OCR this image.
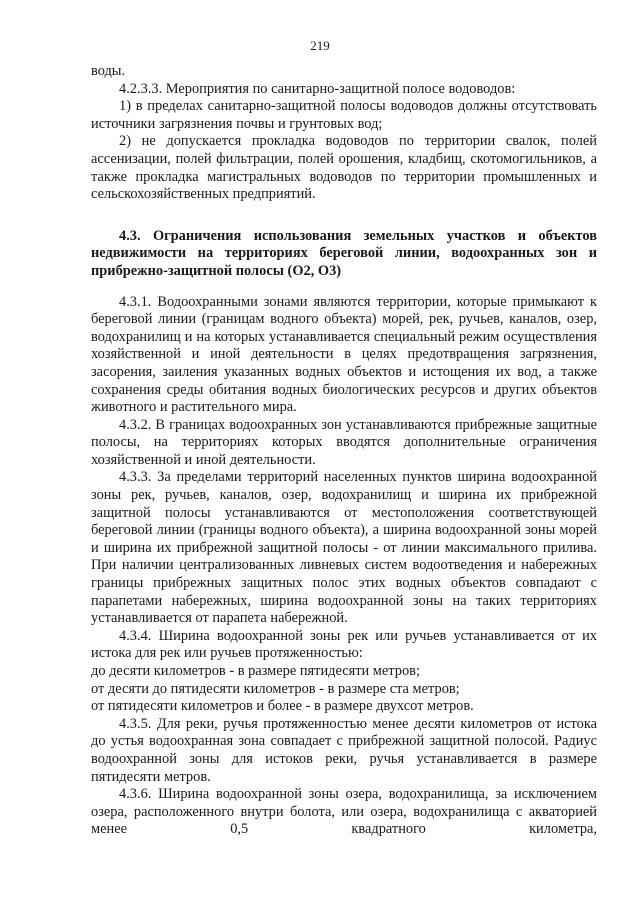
219

воды.

4.2.3.3. Мероприятия по санитарно-защитной полосе водоводов:

1) в пределах санитарно-защитной полосы водоводов должны отсутствовать источники загрязнения почвы и грунтовых вод;

2) не допускается прокладка водоводов по территории свалок, полей ассенизации, полей фильтрации, полей орошения, кладбищ, скотомогильников, а также прокладка магистральных водоводов по территории промышленных и сельскохозяйственных предприятий.

4.3. Ограничения использования земельных участков и объектов недвижимости на территориях береговой линии, водоохранных зон и прибрежно-защитной полосы (О2, О3)

4.3.1. Водоохранными зонами являются территории, которые примыкают к береговой линии (границам водного объекта) морей, рек, ручьев, каналов, озер, водохранилищ и на которых устанавливается специальный режим осуществления хозяйственной и иной деятельности в целях предотвращения загрязнения, засорения, заиления указанных водных объектов и истощения их вод, а также сохранения среды обитания водных биологических ресурсов и других объектов животного и растительного мира.

4.3.2. В границах водоохранных зон устанавливаются прибрежные защитные полосы, на территориях которых вводятся дополнительные ограничения хозяйственной и иной деятельности.

4.3.3. За пределами территорий населенных пунктов ширина водоохранной зоны рек, ручьев, каналов, озер, водохранилищ и ширина их прибрежной защитной полосы устанавливаются от местоположения соответствующей береговой линии (границы водного объекта), а ширина водоохранной зоны морей и ширина их прибрежной защитной полосы - от линии максимального прилива. При наличии централизованных ливневых систем водоотведения и набережных границы прибрежных защитных полос этих водных объектов совпадают с парапетами набережных, ширина водоохранной зоны на таких территориях устанавливается от парапета набережной.

4.3.4. Ширина водоохранной зоны рек или ручьев устанавливается от их истока для рек или ручьев протяженностью:

до десяти километров - в размере пятидесяти метров;

от десяти до пятидесяти километров - в размере ста метров;

от пятидесяти километров и более - в размере двухсот метров.

4.3.5. Для реки, ручья протяженностью менее десяти километров от истока до устья водоохранная зона совпадает с прибрежной защитной полосой. Радиус водоохранной зоны для истоков реки, ручья устанавливается в размере пятидесяти метров.

4.3.6. Ширина водоохранной зоны озера, водохранилища, за исключением озера, расположенного внутри болота, или озера, водохранилища с акваторией менее 0,5 квадратного километра,
